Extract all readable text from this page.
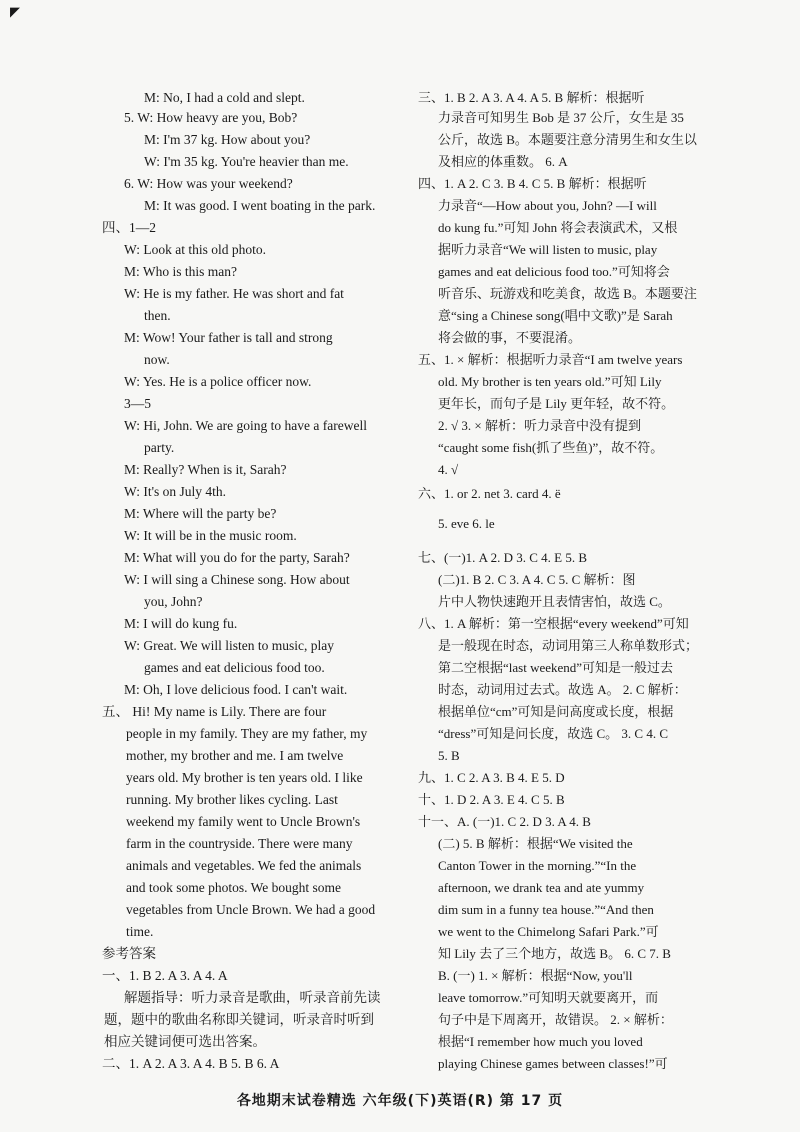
◤
M: No, I had a cold and slept.
5. W: How heavy are you, Bob?
M: I'm 37 kg. How about you?
W: I'm 35 kg. You're heavier than me.
6. W: How was your weekend?
M: It was good. I went boating in the park.
四、1—2
W: Look at this old photo.
M: Who is this man?
W: He is my father. He was short and fat
then.
M: Wow! Your father is tall and strong
now.
W: Yes. He is a police officer now.
3—5
W: Hi, John. We are going to have a farewell
party.
M: Really? When is it, Sarah?
W: It's on July 4th.
M: Where will the party be?
W: It will be in the music room.
M: What will you do for the party, Sarah?
W: I will sing a Chinese song. How about
you, John?
M: I will do kung fu.
W: Great. We will listen to music, play
games and eat delicious food too.
M: Oh, I love delicious food. I can't wait.
五、 Hi! My name is Lily. There are four
people in my family. They are my father, my
mother, my brother and me. I am twelve
years old. My brother is ten years old. I like
running. My brother likes cycling. Last
weekend my family went to Uncle Brown's
farm in the countryside. There were many
animals and vegetables. We fed the animals
and took some photos. We bought some
vegetables from Uncle Brown. We had a good
time.
参考答案
一、1. B 2. A 3. A 4. A
解题指导：听力录音是歌曲，听录音前先读
题，题中的歌曲名称即关键词，听录音时听到
相应关键词便可选出答案。
二、1. A 2. A 3. A 4. B 5. B 6. A
三、1. B 2. A 3. A 4. A 5. B 解析：根据听
力录音可知男生 Bob 是 37 公斤，女生是 35
公斤，故选 B。本题要注意分清男生和女生以
及相应的体重数。 6. A
四、1. A 2. C 3. B 4. C 5. B 解析：根据听
力录音“—How about you, John? —I will
do kung fu.”可知 John 将会表演武术，又根
据听力录音“We will listen to music, play
games and eat delicious food too.”可知将会
听音乐、玩游戏和吃美食，故选 B。本题要注
意“sing a Chinese song(唱中文歌)”是 Sarah
将会做的事，不要混淆。
五、1. × 解析：根据听力录音“I am twelve years
old. My brother is ten years old.”可知 Lily
更年长，而句子是 Lily 更年轻，故不符。
2. √ 3. × 解析：听力录音中没有提到
“caught some fish(抓了些鱼)”，故不符。
4. √
六、1. or 2. net 3. card 4. ë
5. eve 6. le
七、(一)1. A 2. D 3. C 4. E 5. B
(二)1. B 2. C 3. A 4. C 5. C 解析：图
片中人物快速跑开且表情害怕，故选 C。
八、1. A 解析：第一空根据“every weekend”可知
是一般现在时态，动词用第三人称单数形式；
第二空根据“last weekend”可知是一般过去
时态，动词用过去式。故选 A。 2. C 解析：
根据单位“cm”可知是问高度或长度，根据
“dress”可知是问长度，故选 C。 3. C 4. C
5. B
九、1. C 2. A 3. B 4. E 5. D
十、1. D 2. A 3. E 4. C 5. B
十一、A. (一)1. C 2. D 3. A 4. B
(二) 5. B 解析：根据“We visited the
Canton Tower in the morning.”“In the
afternoon, we drank tea and ate yummy
dim sum in a funny tea house.”“And then
we went to the Chimelong Safari Park.”可
知 Lily 去了三个地方，故选 B。 6. C 7. B
B. (一) 1. × 解析：根据“Now, you'll
leave tomorrow.”可知明天就要离开，而
句子中是下周离开，故错误。 2. × 解析：
根据“I remember how much you loved
playing Chinese games between classes!”可
各地期末试卷精选 六年级(下)英语(R) 第 17 页
